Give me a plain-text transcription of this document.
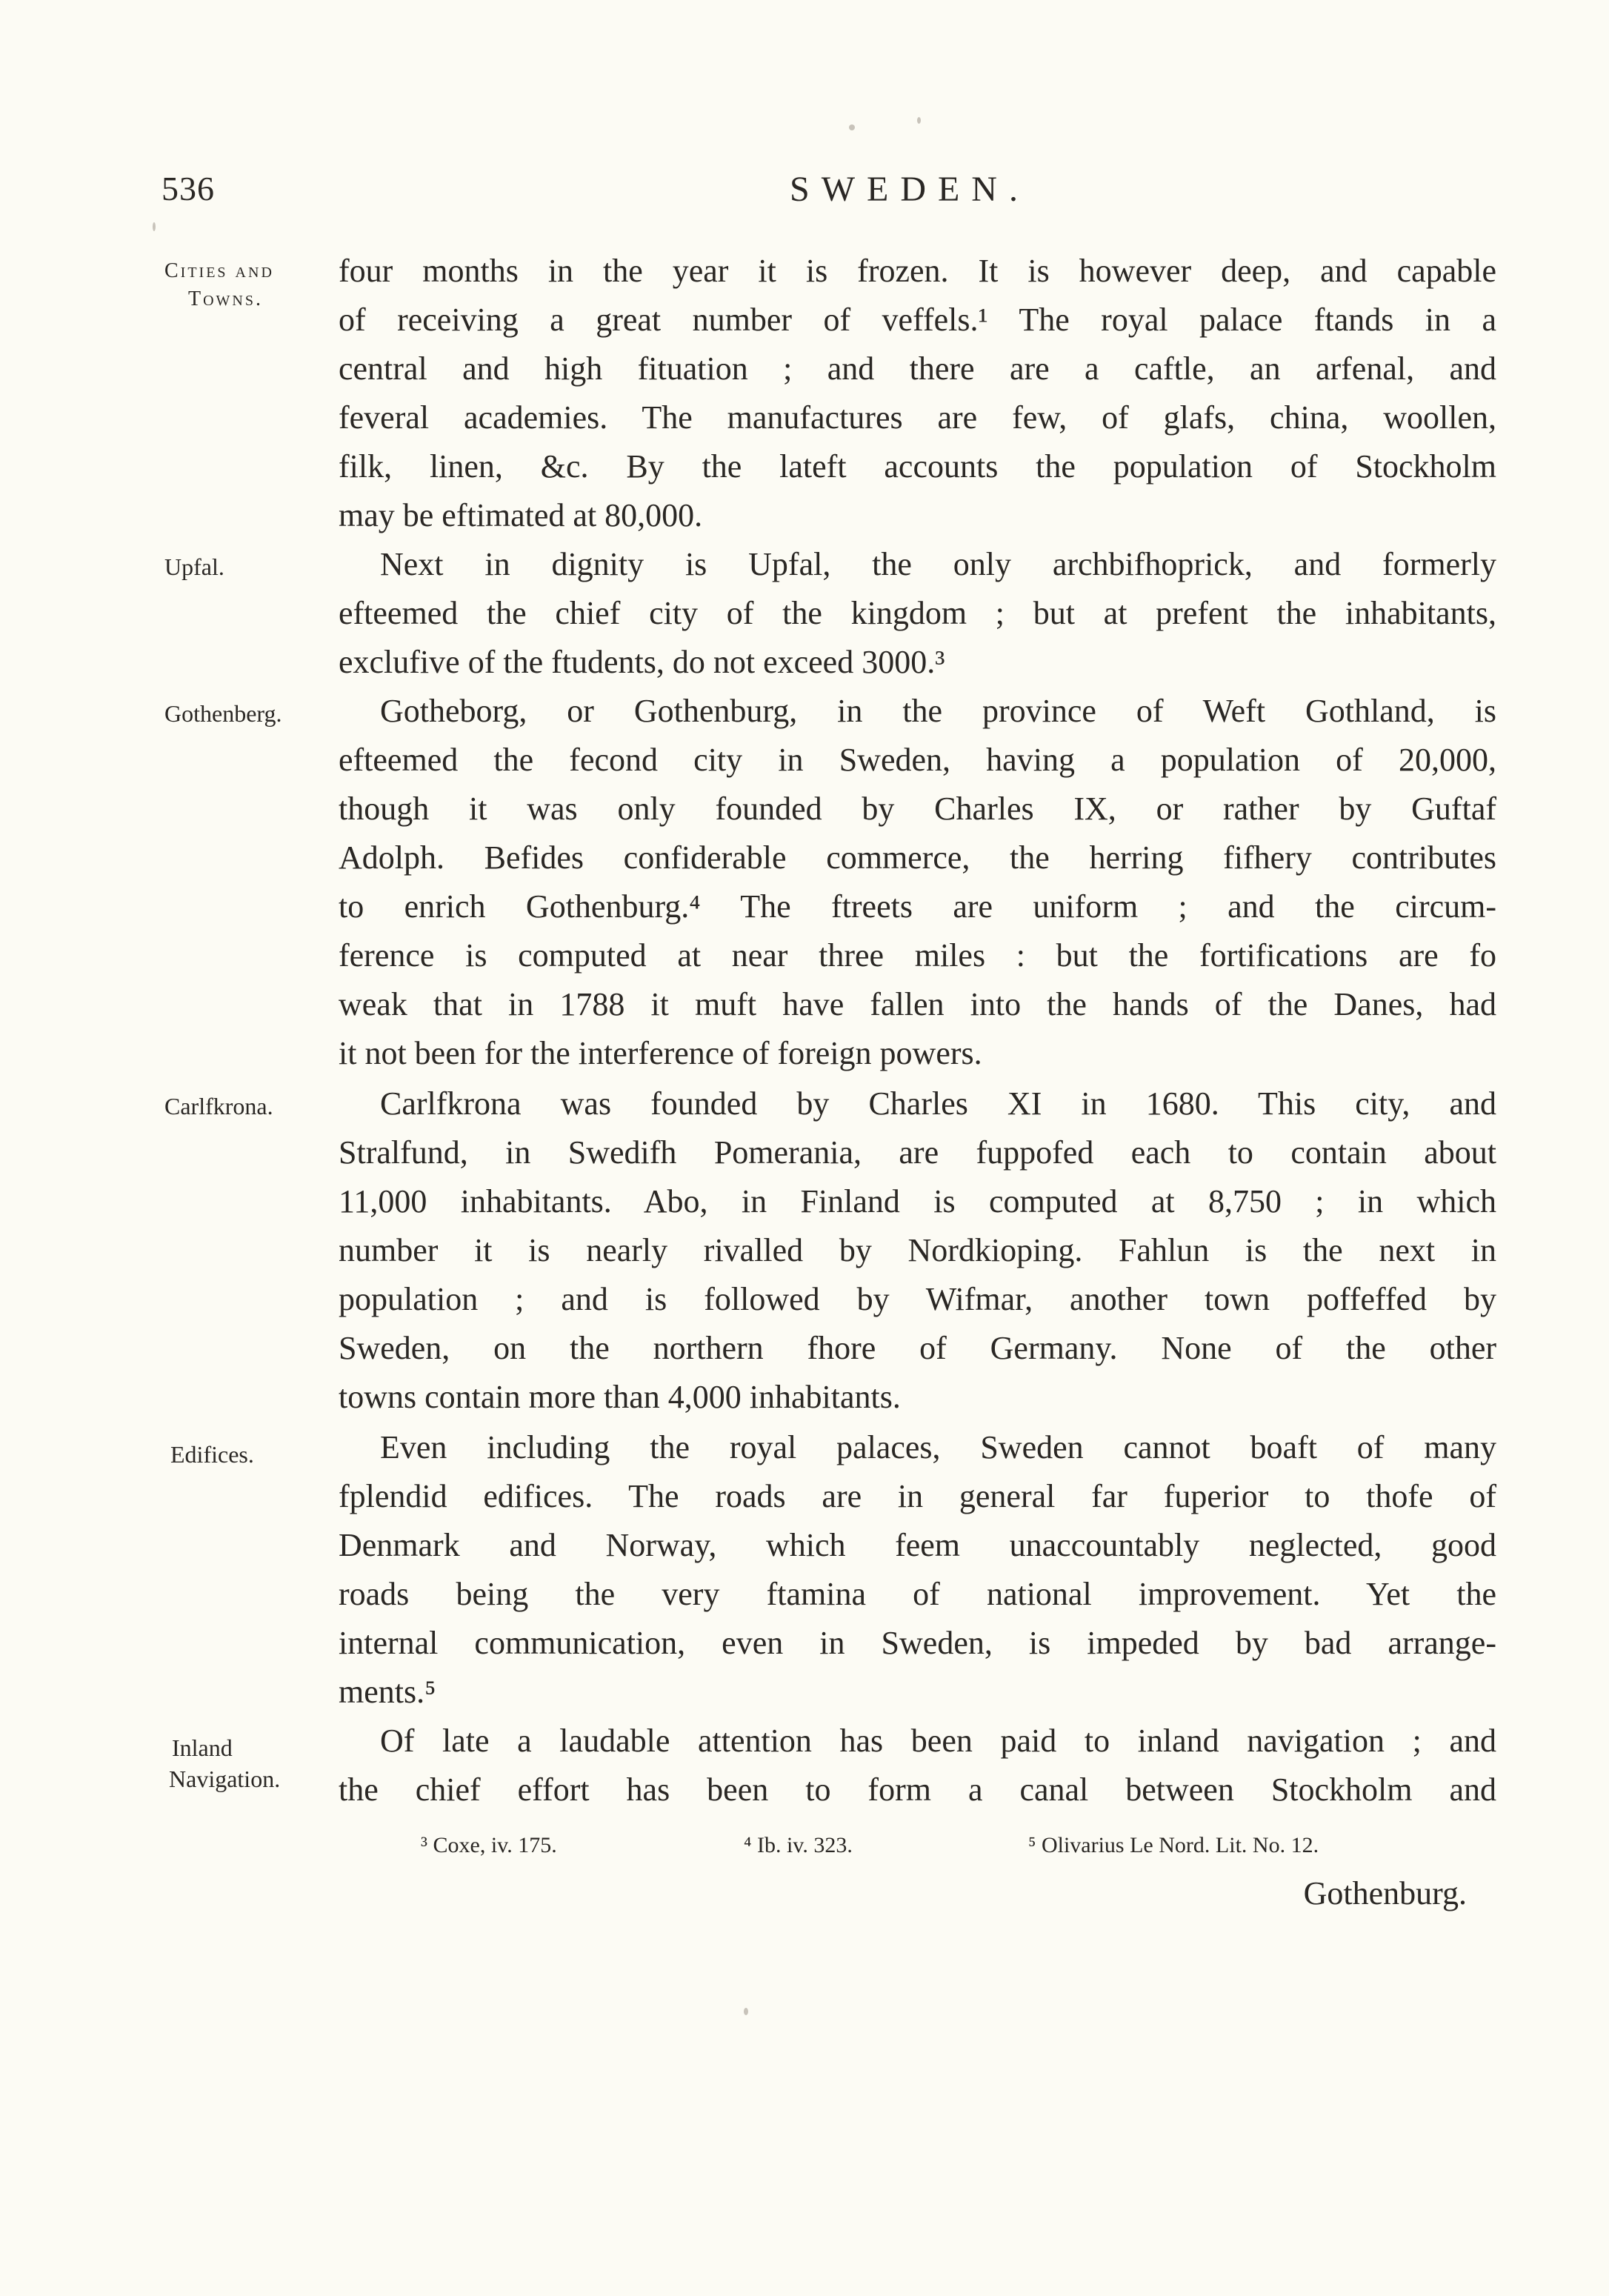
536	SWEDEN.
Cities and
Towns.
Upfal.
Gothenberg.
Carlfkrona.
Edifices.
Inland
Navigation.
four months in the year it is frozen. It is however deep, and capable
of receiving a great number of veffels.¹ The royal palace ftands in a
central and high fituation ; and there are a caftle, an arfenal, and
feveral academies. The manufactures are few, of glafs, china, woollen,
filk, linen, &c. By the lateft accounts the population of Stockholm
may be eftimated at 80,000.
Next in dignity is Upfal, the only archbifhoprick, and formerly
efteemed the chief city of the kingdom ; but at prefent the inhabitants,
exclufive of the ftudents, do not exceed 3000.³
Gotheborg, or Gothenburg, in the province of Weft Gothland, is
efteemed the fecond city in Sweden, having a population of 20,000,
though it was only founded by Charles IX, or rather by Guftaf
Adolph. Befides confiderable commerce, the herring fifhery contributes
to enrich Gothenburg.⁴ The ftreets are uniform ; and the circum-
ference is computed at near three miles : but the fortifications are fo
weak that in 1788 it muft have fallen into the hands of the Danes, had
it not been for the interference of foreign powers.
Carlfkrona was founded by Charles XI in 1680. This city, and
Stralfund, in Swedifh Pomerania, are fuppofed each to contain about
11,000 inhabitants. Abo, in Finland is computed at 8,750 ; in which
number it is nearly rivalled by Nordkioping. Fahlun is the next in
population ; and is followed by Wifmar, another town poffeffed by
Sweden, on the northern fhore of Germany. None of the other
towns contain more than 4,000 inhabitants.
Even including the royal palaces, Sweden cannot boaft of many
fplendid edifices. The roads are in general far fuperior to thofe of
Denmark and Norway, which feem unaccountably neglected, good
roads being the very ftamina of national improvement. Yet the
internal communication, even in Sweden, is impeded by bad arrange-
ments.⁵
Of late a laudable attention has been paid to inland navigation ; and
the chief effort has been to form a canal between Stockholm and
³ Coxe, iv. 175.	⁴ Ib. iv. 323.	⁵ Olivarius Le Nord. Lit. No. 12.
Gothenburg.
